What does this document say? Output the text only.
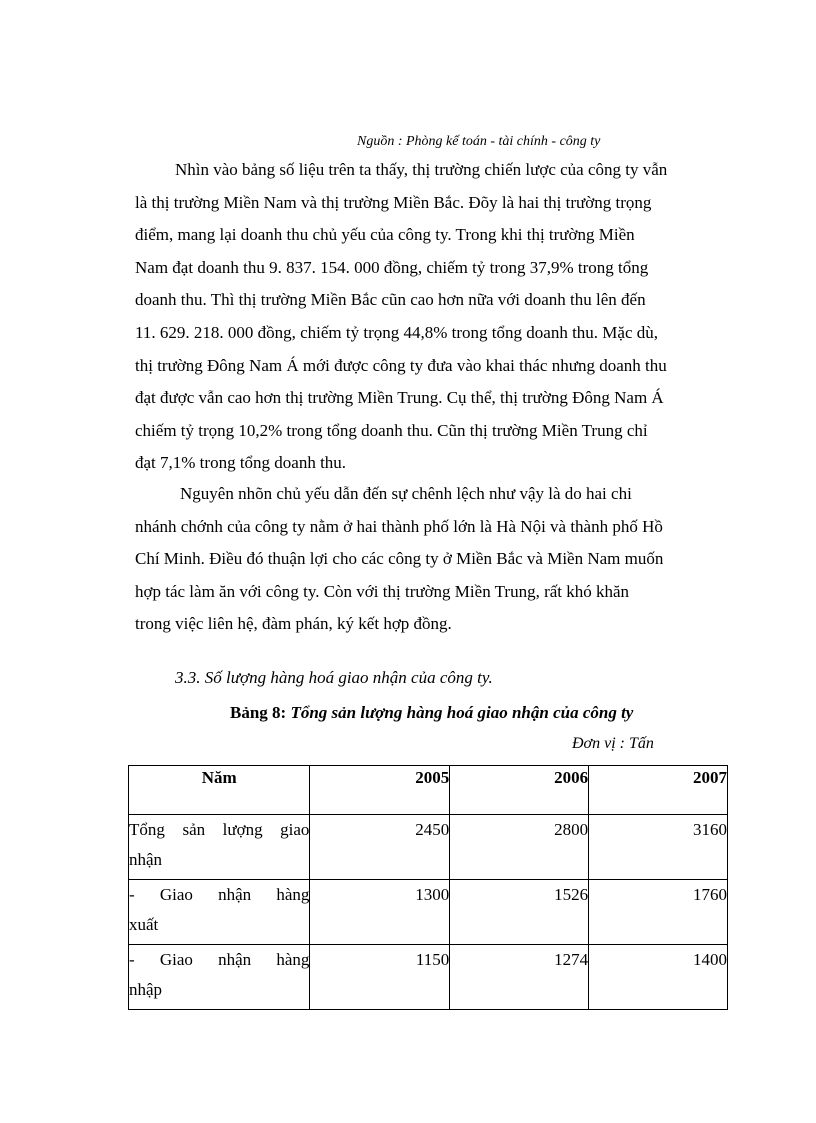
Nguồn : Phòng kế toán - tài chính - công ty
Nhìn vào bảng số liệu trên ta thấy, thị trường chiến lược của công ty vẫn
là thị trường Miền Nam và thị trường Miền Bắc. Đõy là hai thị trường trọng
điểm, mang lại doanh thu chủ yếu của công ty. Trong khi thị trường Miền
Nam đạt doanh thu 9. 837. 154. 000 đồng, chiếm tỷ trong 37,9% trong tổng
doanh thu. Thì thị trường Miền Bắc cũn cao hơn nữa với doanh thu lên đến
11. 629. 218. 000 đồng, chiếm tỷ trọng 44,8% trong tổng doanh thu. Mặc dù,
thị trường Đông Nam Á mới được công ty đưa vào khai thác nhưng doanh thu
đạt được vẫn cao hơn thị trường Miền Trung. Cụ thể, thị trường Đông Nam Á
chiếm tỷ trọng 10,2% trong tổng doanh thu. Cũn thị trường Miền Trung chỉ
đạt 7,1% trong tổng doanh thu.
Nguyên nhõn chủ yếu dẫn đến sự chênh lệch như vậy là do hai chi
nhánh chớnh của công ty nằm ở hai thành phố lớn là Hà Nội và thành phố Hồ
Chí Minh. Điều đó thuận lợi cho các công ty ở Miền Bắc và Miền Nam muốn
hợp tác làm ăn với công ty. Còn với thị trường Miền Trung, rất khó khăn
trong việc liên hệ, đàm phán, ký kết hợp đồng.
3.3. Số lượng hàng hoá giao nhận của công ty.
Bảng 8: Tổng sản lượng hàng hoá giao nhận của công ty
Đơn vị : Tấn
Năm	2005	2006	2007

Tổng sản lượng giao
nhận	2450	2800	3160

- Giao nhận hàng
xuất	1300	1526	1760

- Giao nhận hàng
nhập	1150	1274	1400
